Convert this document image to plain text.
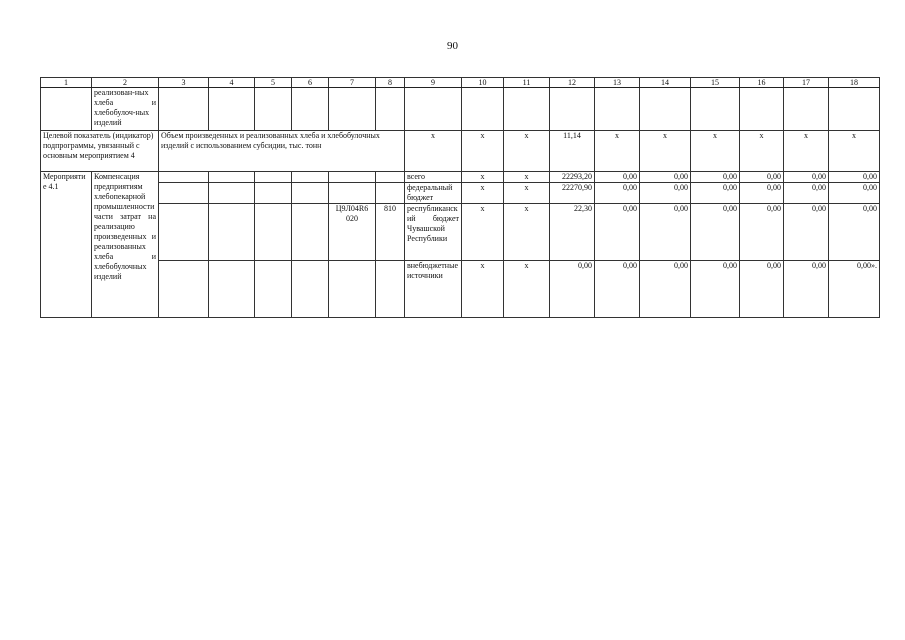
90
1	2	3	4	5	6	7	8	9	10	11	12	13	14	15	16	17	18
	реализован-ных хлеба и хлебобулоч-ных изделий																
Целевой показатель (индикатор) подпрограммы, увязанный с основным мероприятием 4		Объем произведенных и реализованных хлеба и хлебобулочных изделий с использованием субсидии, тыс. тонн						х	х	х	11,14	х	х	х	х	х	х
Мероприятие 4.1	Компенсация предприятиям хлебопекарной промышленности части затрат на реализацию произведенных и реализованных хлеба и хлебобулочных изделий							всего	х	х	22293,20	0,00	0,00	0,00	0,00	0,00	0,00
								федеральный бюджет	х	х	22270,90	0,00	0,00	0,00	0,00	0,00	0,00
						Ц9Л04R6 020	810	республиканский бюджет Чувашской Республики	х	х	22,30	0,00	0,00	0,00	0,00	0,00	0,00
								внебюджетные источники	х	х	0,00	0,00	0,00	0,00	0,00	0,00	0,00».
